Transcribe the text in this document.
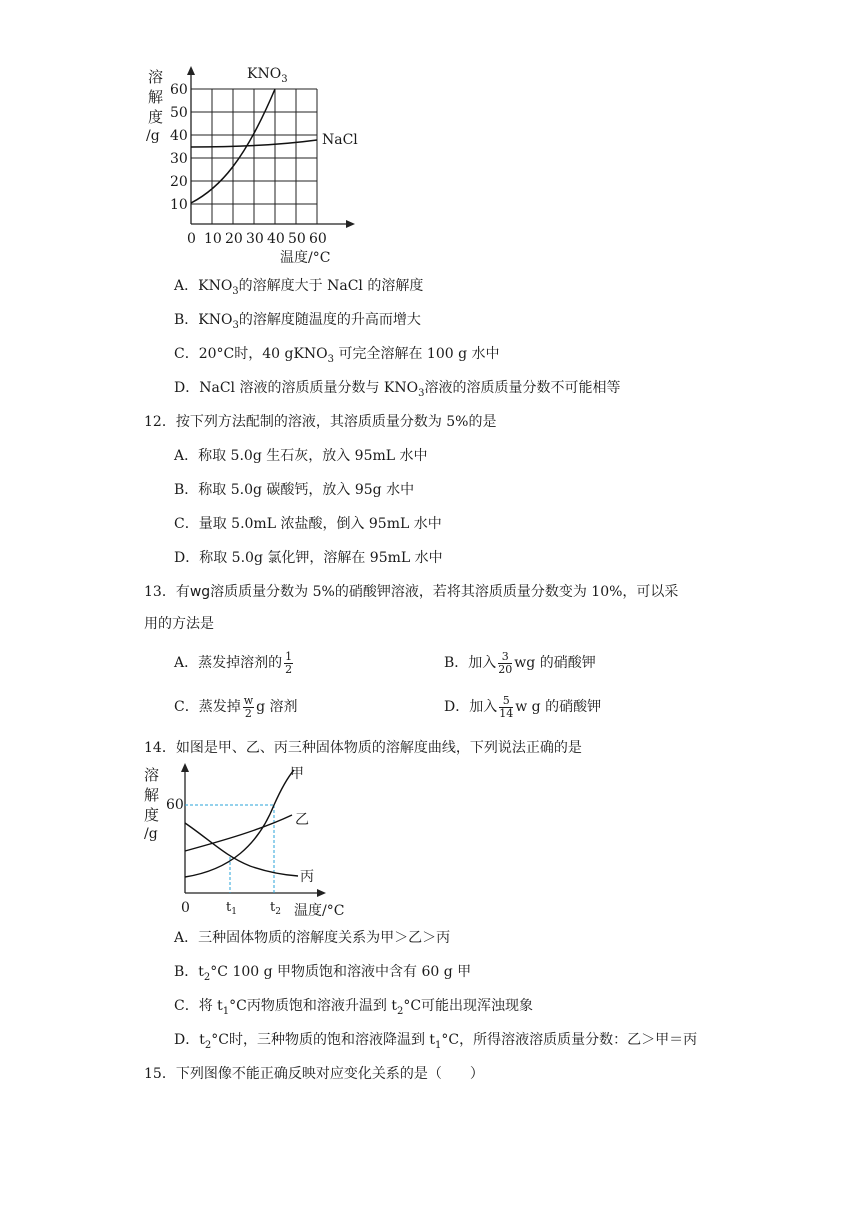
溶
解
度
/g
10
20
30
40
50
60
0 10 20 30 40 50 60
温度/°C
$KNO_3$
NaCl
A．$KNO_3$的溶解度大于 NaCl 的溶解度
B．$KNO_3$的溶解度随温度的升高而增大
C．20°C时，40 gKNO$_3$ 可完全溶解在 100 g 水中
D．NaCl 溶液的溶质质量分数与 $KNO_3$溶液的溶质质量分数不可能相等
12．按下列方法配制的溶液，其溶质质量分数为 5%的是
A．称取 5.0g 生石灰，放入 95mL 水中
B．称取 5.0g 碳酸钙，放入 95g 水中
C．量取 5.0mL 浓盐酸，倒入 95mL 水中
D．称取 5.0g 氯化钾，溶解在 95mL 水中
13．有wg溶质质量分数为 5%的硝酸钾溶液，若将其溶质质量分数变为 10%，可以采
用的方法是
A．蒸发掉溶剂的 $\frac{1}{2}$	B．加入 $\frac{3}{20}$ wg 的硝酸钾
C．蒸发掉 $\frac{w}{2}$ g 溶剂	D．加入 $\frac{5}{14}$ w g 的硝酸钾
14．如图是甲、乙、丙三种固体物质的溶解度曲线，下列说法正确的是
溶
解
度
/g
60
0
甲
乙
丙
$t_1$	$t_2$ 温度/°C
A．三种固体物质的溶解度关系为甲＞乙＞丙
B．$t_2^\circ C$ 100 g 甲物质饱和溶液中含有 60 g 甲
C．将 $t_1^\circ C$丙物质饱和溶液升温到 $t_2^\circ C$可能出现浑浊现象
D．$t_2^\circ C$时，三种物质的饱和溶液降温到 $t_1^\circ C$，所得溶液溶质质量分数：乙＞甲＝丙
15．下列图像不能正确反映对应变化关系的是（　　）
